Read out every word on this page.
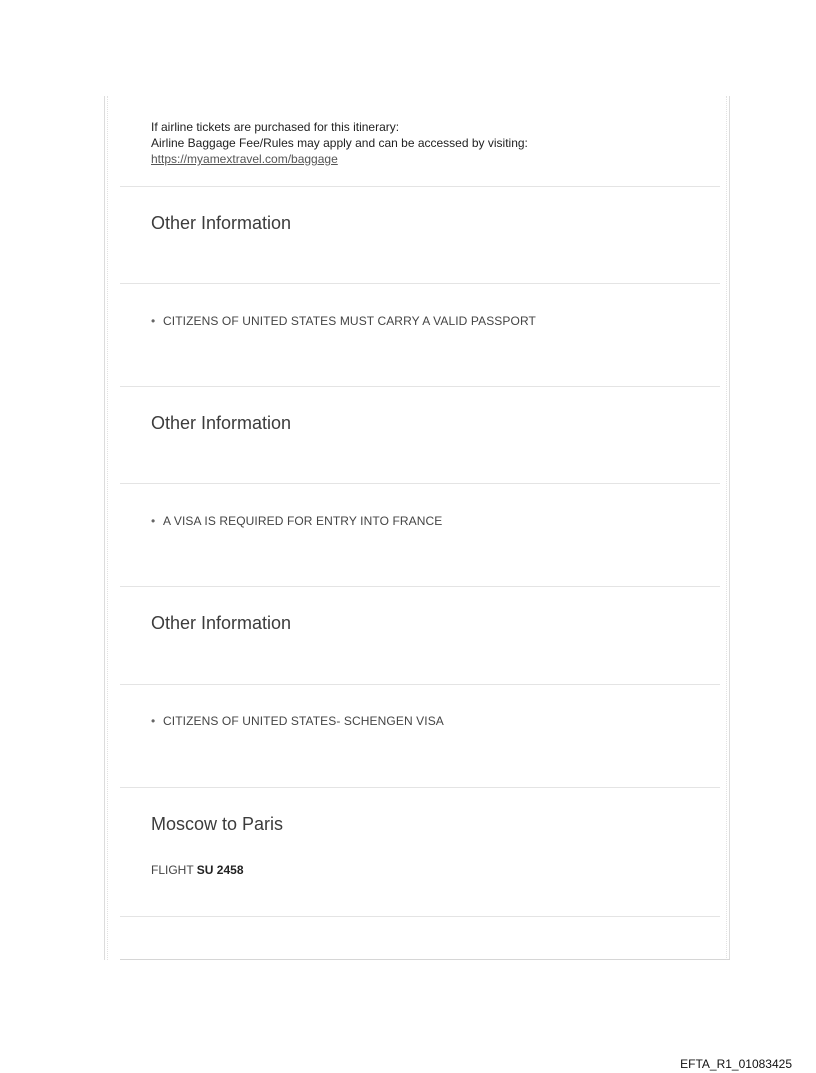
If airline tickets are purchased for this itinerary:
Airline Baggage Fee/Rules may apply and can be accessed by visiting:
https://myamextravel.com/baggage
Other Information
• CITIZENS OF UNITED STATES MUST CARRY A VALID PASSPORT
Other Information
• A VISA IS REQUIRED FOR ENTRY INTO FRANCE
Other Information
• CITIZENS OF UNITED STATES- SCHENGEN VISA
Moscow to Paris
FLIGHT SU 2458
EFTA_R1_01083425
